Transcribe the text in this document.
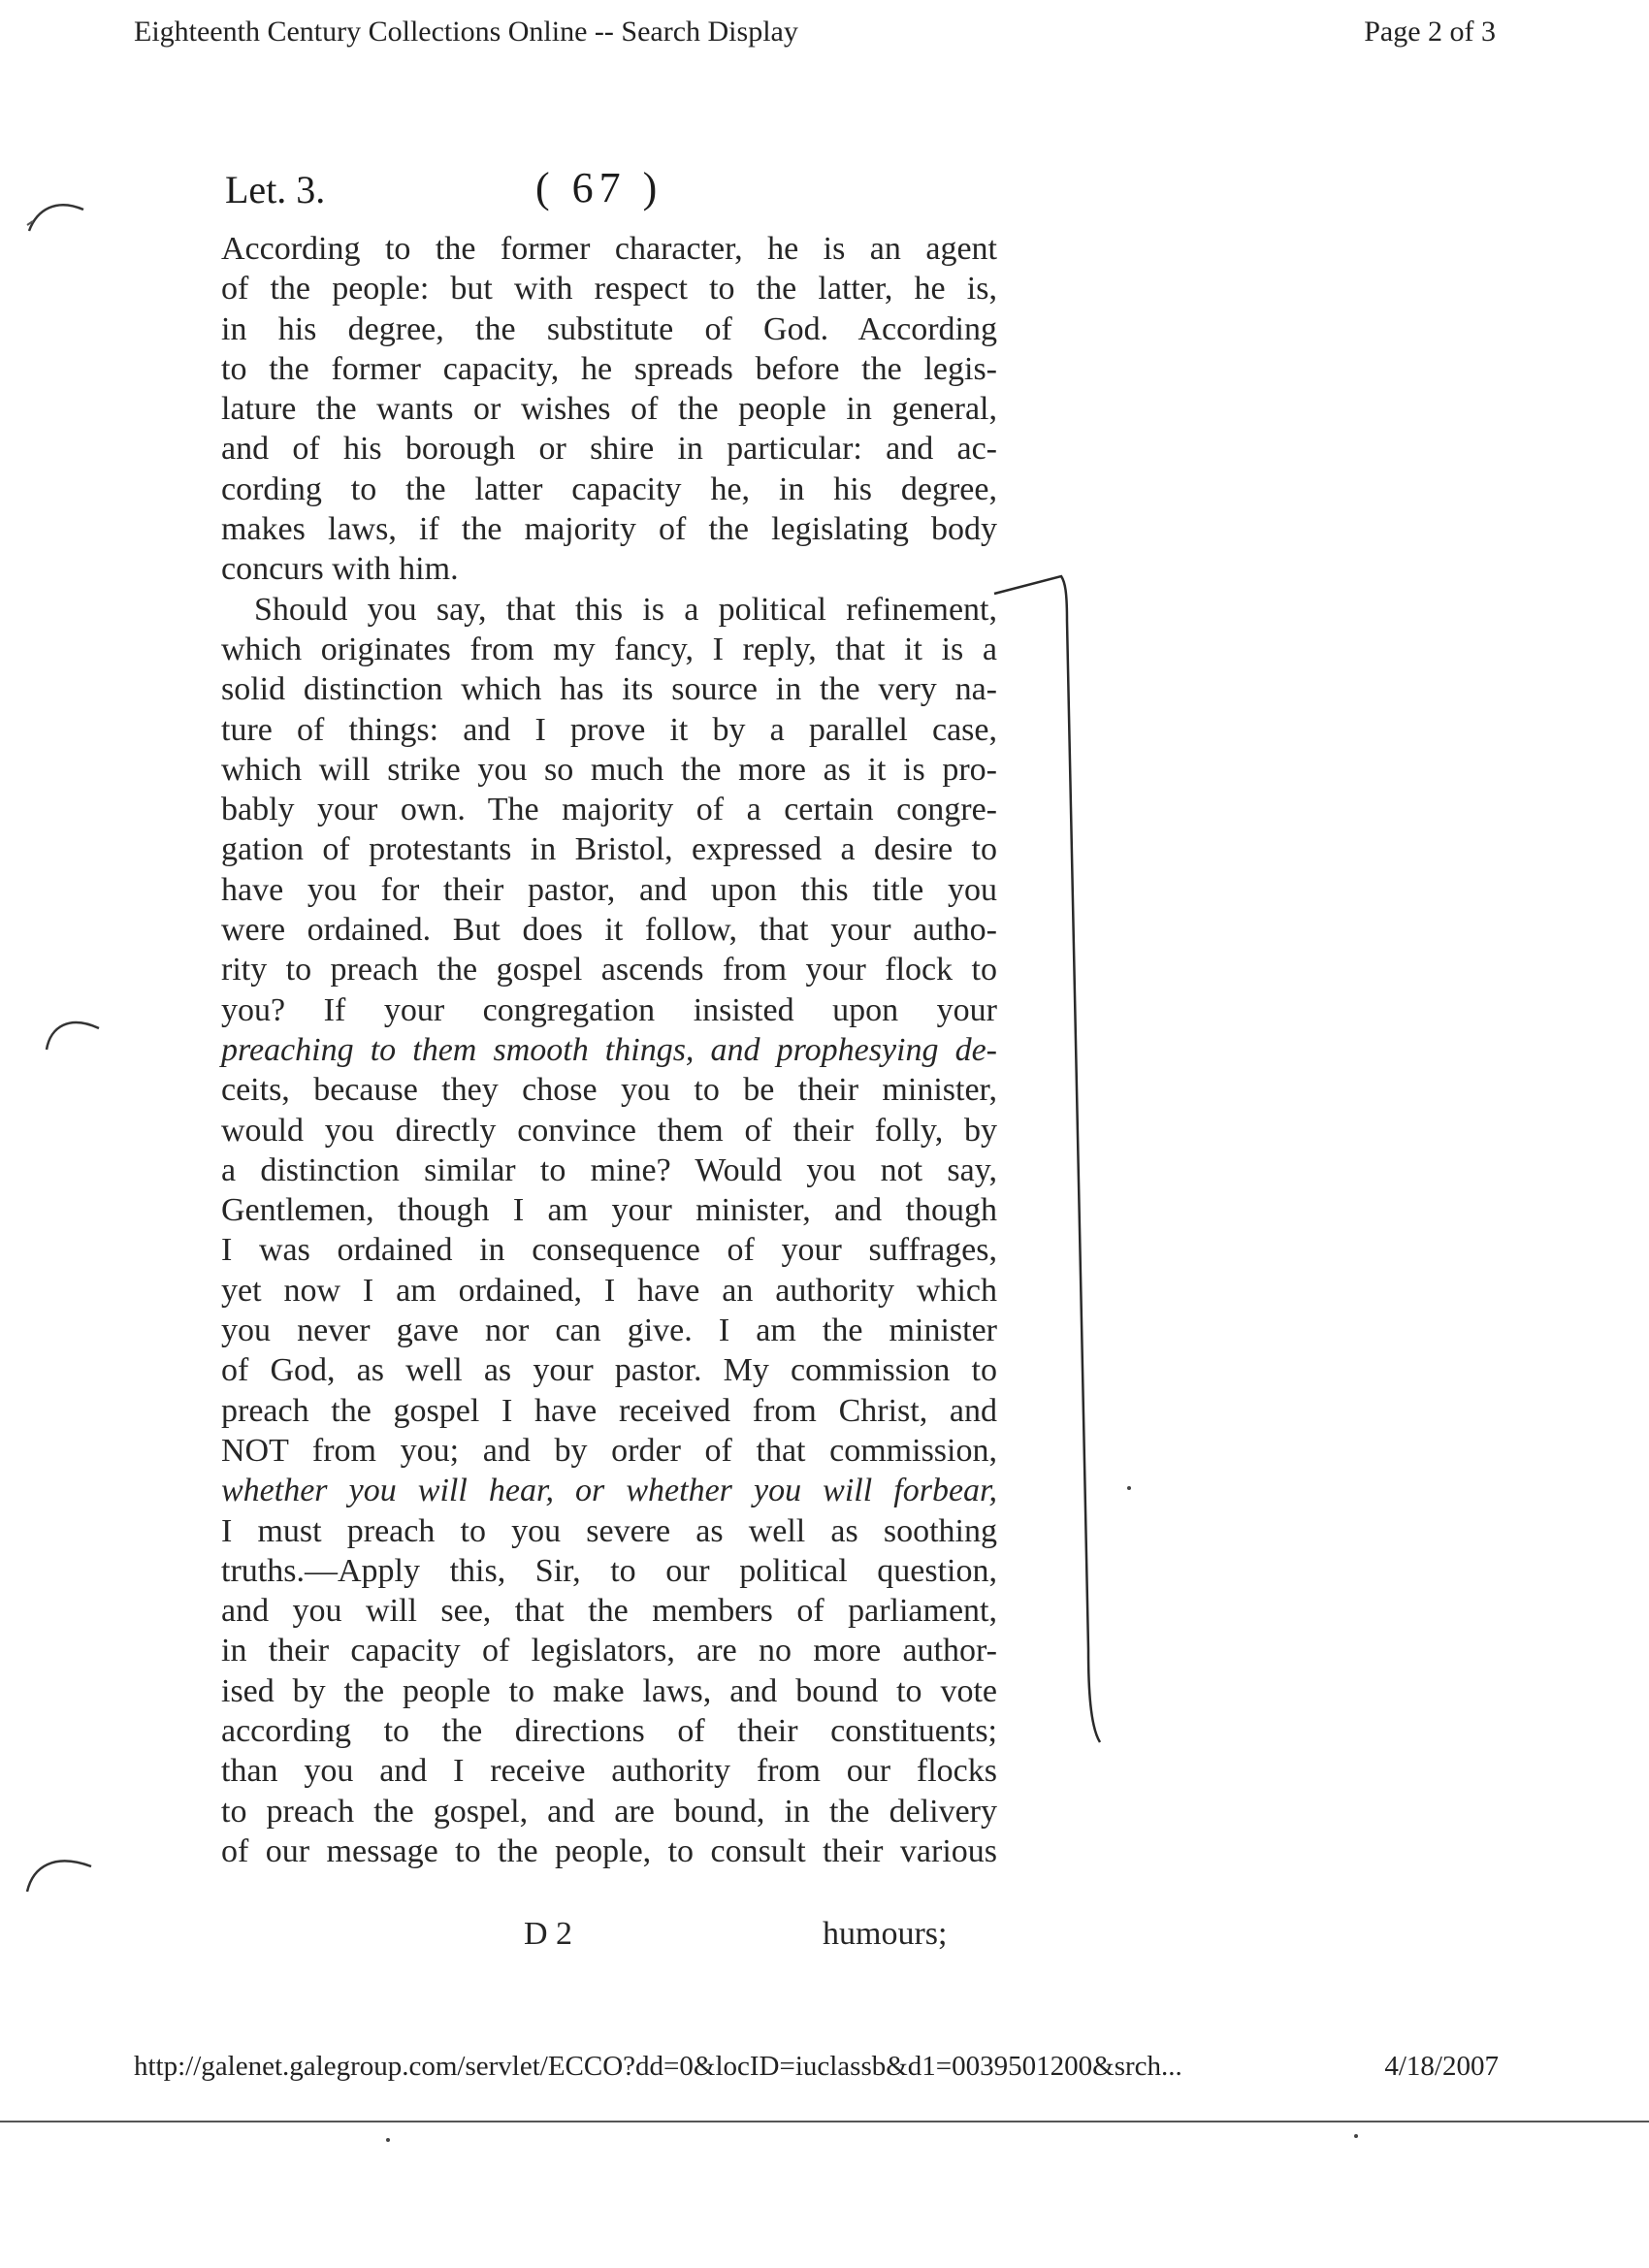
Eighteenth Century Collections Online -- Search Display	Page 2 of 3
Let. 3.	( 67 )
According to the former character, he is an agent
of the people: but with respect to the latter, he is,
in his degree, the substitute of God. According
to the former capacity, he spreads before the legis-
lature the wants or wishes of the people in general,
and of his borough or shire in particular: and ac-
cording to the latter capacity he, in his degree,
makes laws, if the majority of the legislating body
concurs with him.
Should you say, that this is a political refinement,
which originates from my fancy, I reply, that it is a
solid distinction which has its source in the very na-
ture of things: and I prove it by a parallel case,
which will strike you so much the more as it is pro-
bably your own. The majority of a certain congre-
gation of protestants in Bristol, expressed a desire to
have you for their pastor, and upon this title you
were ordained. But does it follow, that your autho-
rity to preach the gospel ascends from your flock to
you? If your congregation insisted upon your
preaching to them smooth things, and prophesying de-
ceits, because they chose you to be their minister,
would you directly convince them of their folly, by
a distinction similar to mine? Would you not say,
Gentlemen, though I am your minister, and though
I was ordained in consequence of your suffrages,
yet now I am ordained, I have an authority which
you never gave nor can give. I am the minister
of God, as well as your pastor. My commission to
preach the gospel I have received from Christ, and
NOT from you; and by order of that commission,
whether you will hear, or whether you will forbear,
I must preach to you severe as well as soothing
truths.—Apply this, Sir, to our political question,
and you will see, that the members of parliament,
in their capacity of legislators, are no more author-
ised by the people to make laws, and bound to vote
according to the directions of their constituents;
than you and I receive authority from our flocks
to preach the gospel, and are bound, in the delivery
of our message to the people, to consult their various
D 2	humours;
http://galenet.galegroup.com/servlet/ECCO?dd=0&locID=iuclassb&d1=0039501200&srch...	4/18/2007
